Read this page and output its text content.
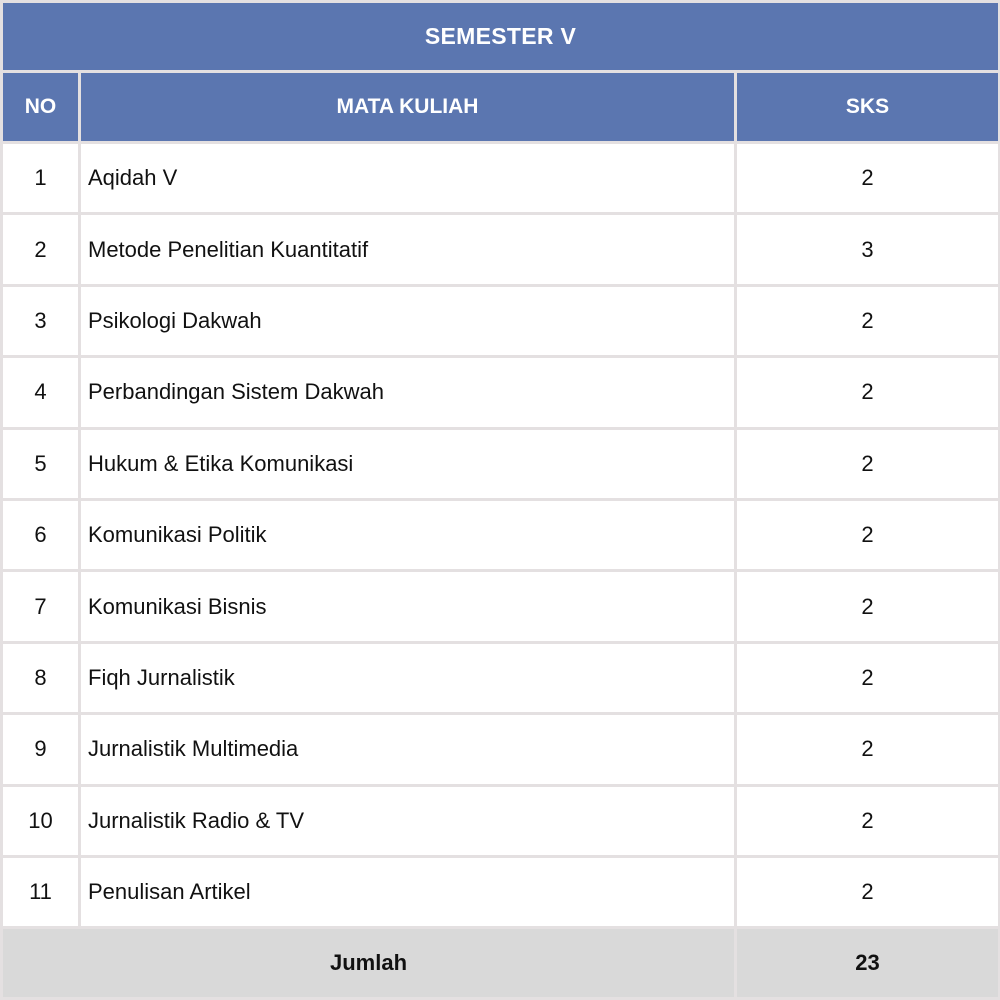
SEMESTER V		
NO	MATA KULIAH	SKS
1	Aqidah V	2
2	Metode Penelitian Kuantitatif	3
3	Psikologi Dakwah	2
4	Perbandingan Sistem Dakwah	2
5	Hukum & Etika Komunikasi	2
6	Komunikasi Politik	2
7	Komunikasi Bisnis	2
8	Fiqh Jurnalistik	2
9	Jurnalistik Multimedia	2
10	Jurnalistik Radio & TV	2
11	Penulisan Artikel	2
Jumlah		23
